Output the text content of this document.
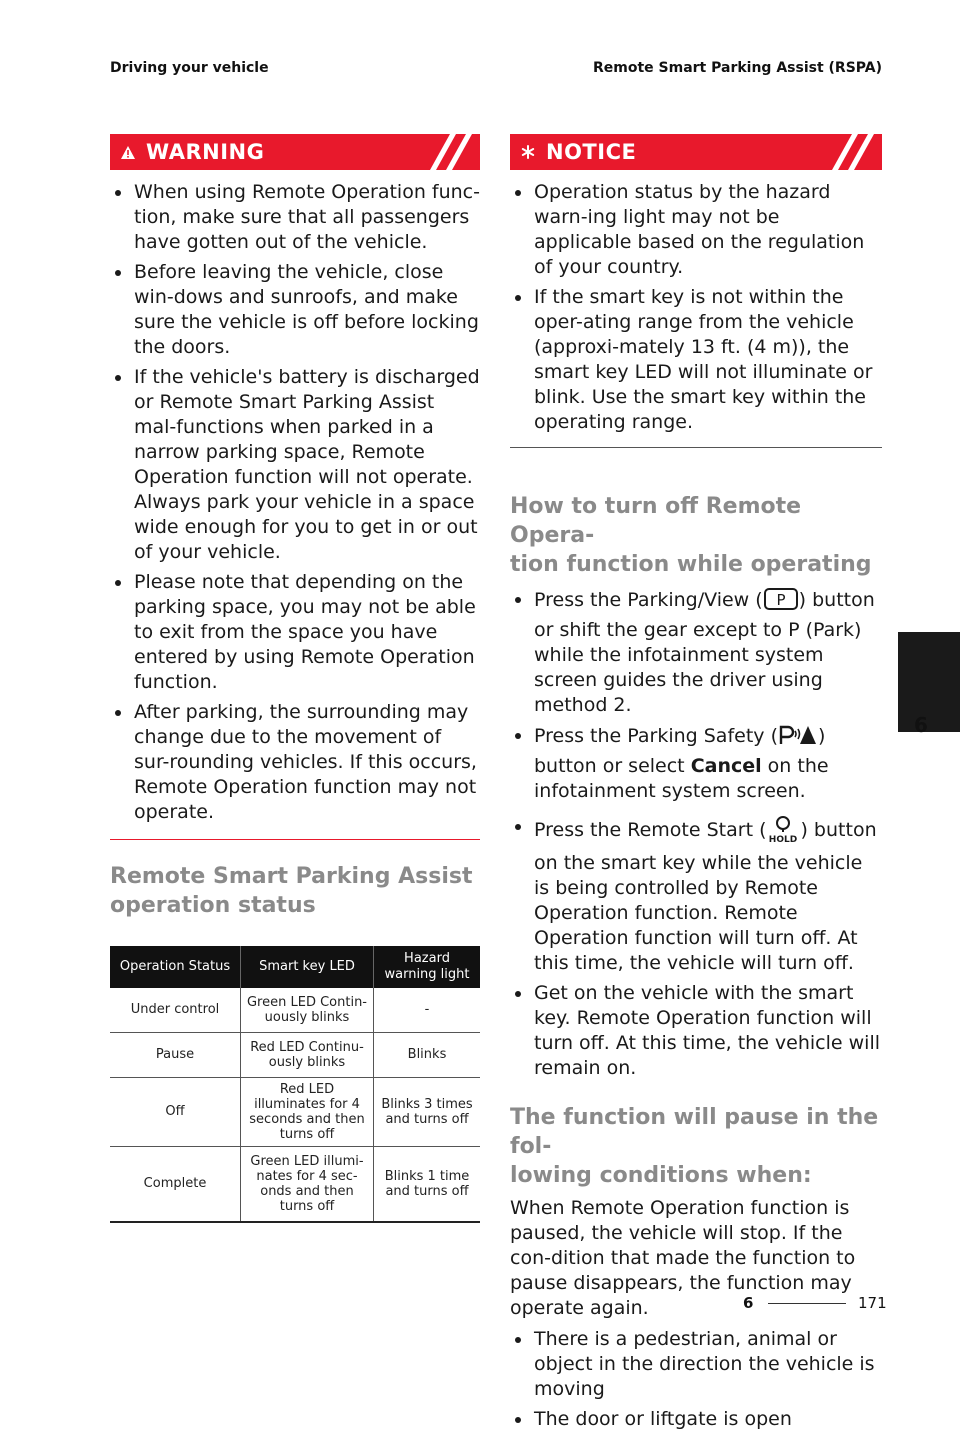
Driving your vehicle	Remote Smart Parking Assist (RSPA)
WARNING
When using Remote Operation func-tion, make sure that all passengers have gotten out of the vehicle.
Before leaving the vehicle, close win-dows and sunroofs, and make sure the vehicle is off before locking the doors.
If the vehicle's battery is discharged or Remote Smart Parking Assist mal-functions when parked in a narrow parking space, Remote Operation function will not operate. Always park your vehicle in a space wide enough for you to get in or out of your vehicle.
Please note that depending on the parking space, you may not be able to exit from the space you have entered by using Remote Operation function.
After parking, the surrounding may change due to the movement of sur-rounding vehicles. If this occurs, Remote Operation function may not operate.
Remote Smart Parking Assist
operation status
Operation Status	Smart key LED	Hazard warning light
Under control	Green LED Contin-uously blinks	-
Pause	Red LED Continu-ously blinks	Blinks
Off	Red LED illuminates for 4 seconds and then turns off	Blinks 3 times and turns off
Complete	Green LED illumi-nates for 4 sec-onds and then turns off	Blinks 1 time and turns off
NOTICE
Operation status by the hazard warn-ing light may not be applicable based on the regulation of your country.
If the smart key is not within the oper-ating range from the vehicle (approxi-mately 13 ft. (4 m)), the smart key LED will not illuminate or blink. Use the smart key within the operating range.
How to turn off Remote Opera-
tion function while operating
Press the Parking/View ( P ) button or shift the gear except to P (Park) while the infotainment system screen guides the driver using method 2.
Press the Parking Safety ( ) button or select Cancel on the infotainment system screen.
Press the Remote Start ( HOLD ) button on the smart key while the vehicle is being controlled by Remote Operation function. Remote Operation function will turn off. At this time, the vehicle will turn off.
Get on the vehicle with the smart key. Remote Operation function will turn off. At this time, the vehicle will remain on.
The function will pause in the fol-
lowing conditions when:
When Remote Operation function is paused, the vehicle will stop. If the con-dition that made the function to pause disappears, the function may operate again.
There is a pedestrian, animal or object in the direction the vehicle is moving
The door or liftgate is open
6
6	171
